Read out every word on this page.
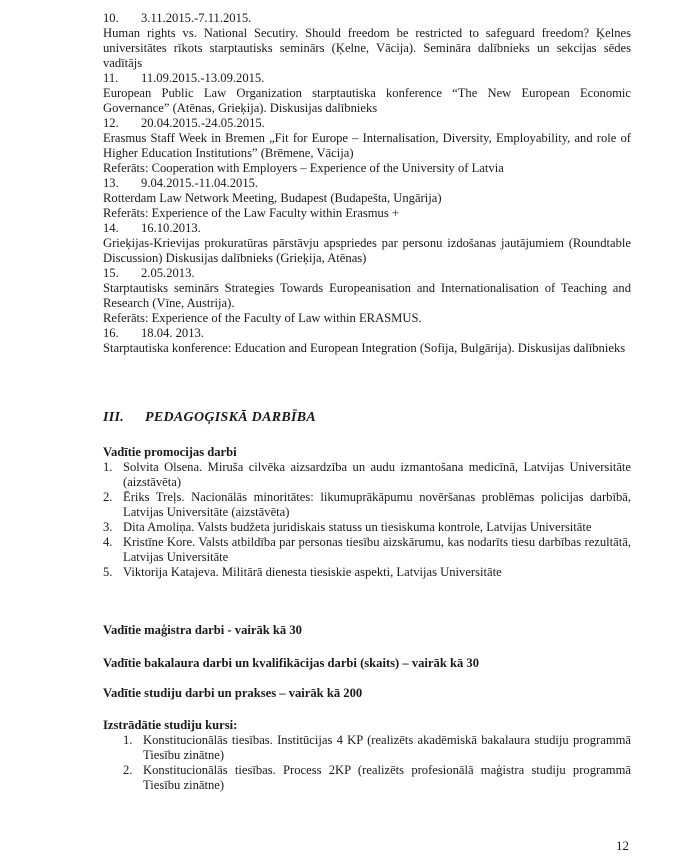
10. 3.11.2015.-7.11.2015.
Human rights vs. National Secutiry. Should freedom be restricted to safeguard freedom? Ķelnes universitātes rīkots starptautisks seminārs (Ķelne, Vācija). Semināra dalībnieks un sekcijas sēdes vadītājs
11. 11.09.2015.-13.09.2015.
European Public Law Organization starptautiska konference “The New European Economic Governance” (Atēnas, Grieķija). Diskusijas dalībnieks
12. 20.04.2015.-24.05.2015.
Erasmus Staff Week in Bremen „Fit for Europe – Internalisation, Diversity, Employability, and role of Higher Education Institutions” (Brēmene, Vācija)
Referāts: Cooperation with Employers – Experience of the University of Latvia
13. 9.04.2015.-11.04.2015.
Rotterdam Law Network Meeting, Budapest (Budapešta, Ungārija)
Referāts: Experience of the Law Faculty within Erasmus +
14. 16.10.2013.
Grieķijas-Krievijas prokuratūras pārstāvju apspriedes par personu izdošanas jautājumiem (Roundtable Discussion) Diskusijas dalībnieks (Grieķija, Atēnas)
15. 2.05.2013.
Starptautisks seminārs Strategies Towards Europeanisation and Internationalisation of Teaching and Research (Vīne, Austrija).
Referāts: Experience of the Faculty of Law within ERASMUS.
16. 18.04. 2013.
Starptautiska konference: Education and European Integration (Sofija, Bulgārija). Diskusijas dalībnieks
III. PEDAGOĢISKĀ DARBĪBA
Vadītie promocijas darbi
1. Solvita Olsena. Miruša cilvēka aizsardzība un audu izmantošana medicīnā, Latvijas Universitāte (aizstāvēta)
2. Ēriks Treļs. Nacionālās minoritātes: likumuprākāpumu novēršanas problēmas policijas darbībā, Latvijas Universitāte (aizstāvēta)
3. Dita Amoliņa. Valsts budžeta juridiskais statuss un tiesiskuma kontrole, Latvijas Universitāte
4. Kristīne Kore. Valsts atbildība par personas tiesību aizskārumu, kas nodarīts tiesu darbības rezultātā, Latvijas Universitāte
5. Viktorija Katajeva. Militārā dienesta tiesiskie aspekti, Latvijas Universitāte
Vadītie maģistra darbi - vairāk kā 30
Vadītie bakalaura darbi un kvalifikācijas darbi (skaits) – vairāk kā 30
Vadītie studiju darbi un prakses – vairāk kā 200
Izstrādātie studiju kursi:
1. Konstitucionālās tiesības. Institūcijas 4 KP (realizēts akadēmiskā bakalaura studiju programmā Tiesību zinātne)
2. Konstitucionālās tiesības. Process 2KP (realizēts profesionālā maģistra studiju programmā Tiesību zinātne)
12
